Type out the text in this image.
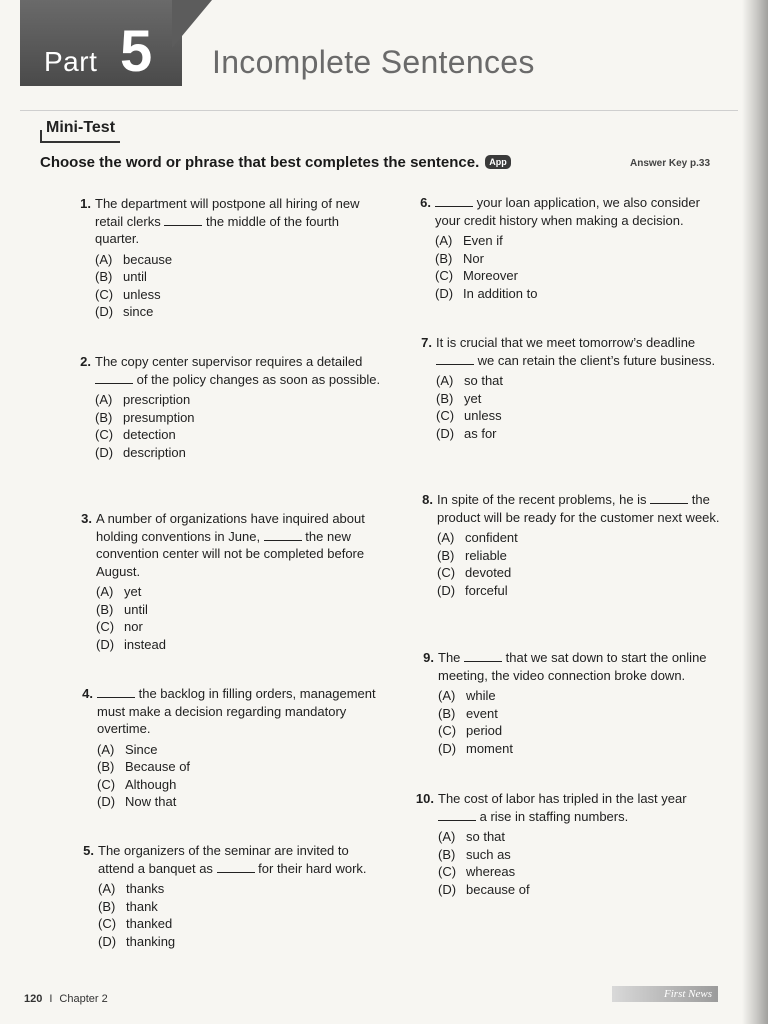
Part 5 Incomplete Sentences
Mini-Test
Choose the word or phrase that best completes the sentence. App	Answer Key p.33
1. The department will postpone all hiring of new retail clerks	the middle of the fourth quarter.
(A) because
(B) until
(C) unless
(D) since
2. The copy center supervisor requires a detailed  of the policy changes as soon as possible.
(A) prescription
(B) presumption
(C) detection
(D) description
3. A number of organizations have inquired about holding conventions in June,	the new convention center will not be completed before August.
(A) yet
(B) until
(C) nor
(D) instead
4.	the backlog in filling orders, management must make a decision regarding mandatory overtime.
(A) Since
(B) Because of
(C) Although
(D) Now that
5. The organizers of the seminar are invited to attend a banquet as	for their hard work.
(A) thanks
(B) thank
(C) thanked
(D) thanking
6.	your loan application, we also consider your credit history when making a decision.
(A) Even if
(B) Nor
(C) Moreover
(D) In addition to
7. It is crucial that we meet tomorrow’s deadline  we can retain the client’s future business.
(A) so that
(B) yet
(C) unless
(D) as for
8. In spite of the recent problems, he is	the product will be ready for the customer next week.
(A) confident
(B) reliable
(C) devoted
(D) forceful
9. The	that we sat down to start the online meeting, the video connection broke down.
(A) while
(B) event
(C) period
(D) moment
10. The cost of labor has tripled in the last year  a rise in staffing numbers.
(A) so that
(B) such as
(C) whereas
(D) because of
120 I Chapter 2	First News
